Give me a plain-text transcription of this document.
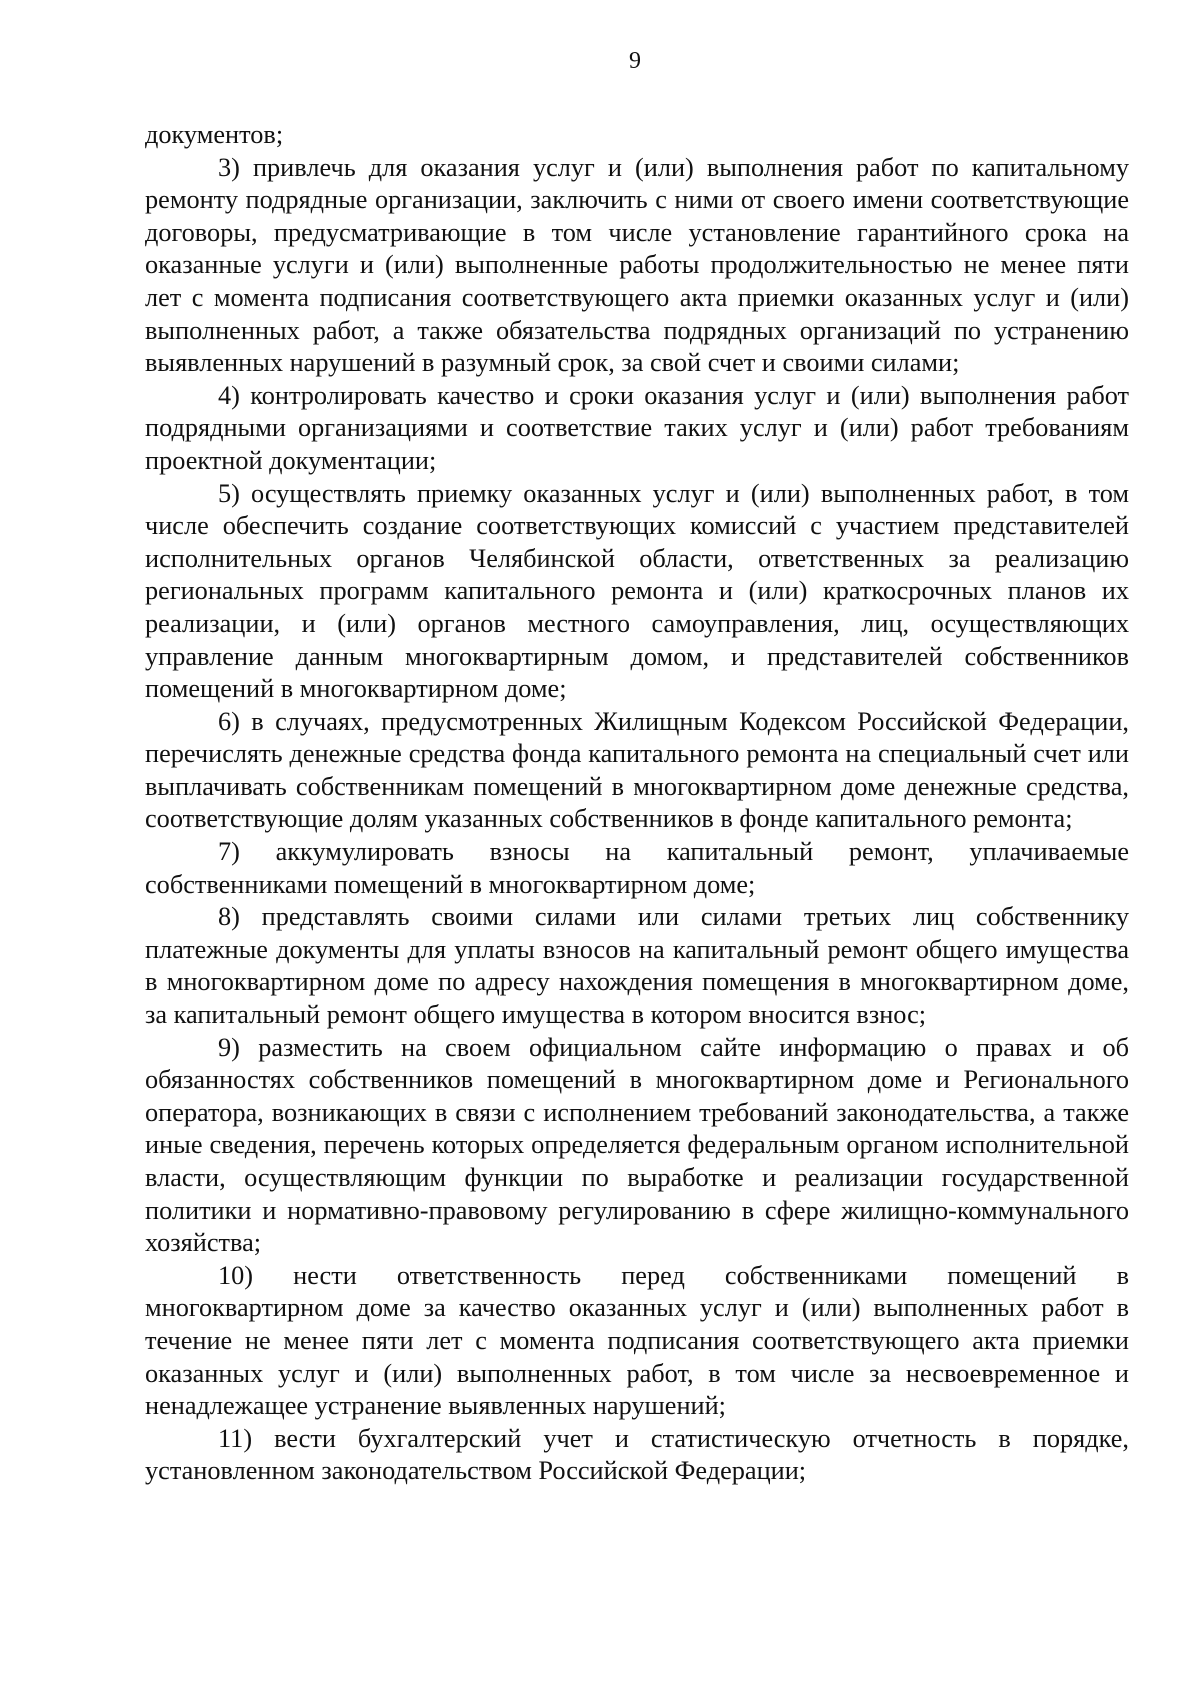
9

документов;

3) привлечь для оказания услуг и (или) выполнения работ по капитальному ремонту подрядные организации, заключить с ними от своего имени соответствующие договоры, предусматривающие в том числе установление гарантийного срока на оказанные услуги и (или) выполненные работы продолжительностью не менее пяти лет с момента подписания соответствующего акта приемки оказанных услуг и (или) выполненных работ, а также обязательства подрядных организаций по устранению выявленных нарушений в разумный срок, за свой счет и своими силами;

4) контролировать качество и сроки оказания услуг и (или) выполнения работ подрядными организациями и соответствие таких услуг и (или) работ требованиям проектной документации;

5) осуществлять приемку оказанных услуг и (или) выполненных работ, в том числе обеспечить создание соответствующих комиссий с участием представителей исполнительных органов Челябинской области, ответственных за реализацию региональных программ капитального ремонта и (или) краткосрочных планов их реализации, и (или) органов местного самоуправления, лиц, осуществляющих управление данным многоквартирным домом, и представителей собственников помещений в многоквартирном доме;

6) в случаях, предусмотренных Жилищным Кодексом Российской Федерации, перечислять денежные средства фонда капитального ремонта на специальный счет или выплачивать собственникам помещений в многоквартирном доме денежные средства, соответствующие долям указанных собственников в фонде капитального ремонта;

7) аккумулировать взносы на капитальный ремонт, уплачиваемые собственниками помещений в многоквартирном доме;

8) представлять своими силами или силами третьих лиц собственнику платежные документы для уплаты взносов на капитальный ремонт общего имущества в многоквартирном доме по адресу нахождения помещения в многоквартирном доме, за капитальный ремонт общего имущества в котором вносится взнос;

9) разместить на своем официальном сайте информацию о правах и об обязанностях собственников помещений в многоквартирном доме и Регионального оператора, возникающих в связи с исполнением требований законодательства, а также иные сведения, перечень которых определяется федеральным органом исполнительной власти, осуществляющим функции по выработке и реализации государственной политики и нормативно-правовому регулированию в сфере жилищно-коммунального хозяйства;

10) нести ответственность перед собственниками помещений в многоквартирном доме за качество оказанных услуг и (или) выполненных работ в течение не менее пяти лет с момента подписания соответствующего акта приемки оказанных услуг и (или) выполненных работ, в том числе за несвоевременное и ненадлежащее устранение выявленных нарушений;

11) вести бухгалтерский учет и статистическую отчетность в порядке, установленном законодательством Российской Федерации;
